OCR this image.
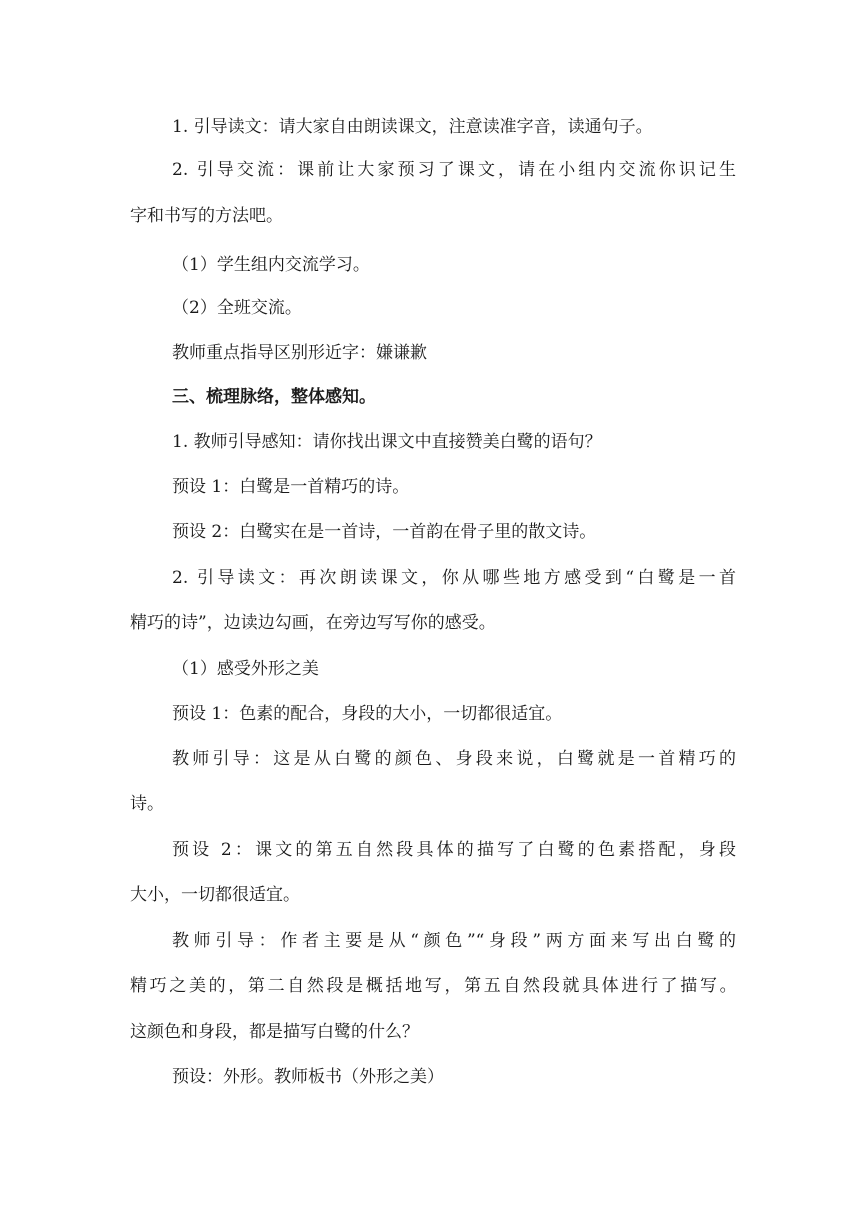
1. 引导读文：请大家自由朗读课文，注意读准字音，读通句子。
2. 引导交流：课前让大家预习了课文，请在小组内交流你识记生
字和书写的方法吧。
（1）学生组内交流学习。
（2）全班交流。
教师重点指导区别形近字：嫌谦歉
三、梳理脉络，整体感知。
1. 教师引导感知：请你找出课文中直接赞美白鹭的语句？
预设 1：白鹭是一首精巧的诗。
预设 2：白鹭实在是一首诗，一首韵在骨子里的散文诗。
2. 引导读文：再次朗读课文，你从哪些地方感受到“白鹭是一首
精巧的诗”，边读边勾画，在旁边写写你的感受。
（1）感受外形之美
预设 1：色素的配合，身段的大小，一切都很适宜。
教师引导：这是从白鹭的颜色、身段来说，白鹭就是一首精巧的
诗。
预设 2：课文的第五自然段具体的描写了白鹭的色素搭配，身段
大小，一切都很适宜。
教师引导：作者主要是从“颜色”“身段”两方面来写出白鹭的
精巧之美的，第二自然段是概括地写，第五自然段就具体进行了描写。
这颜色和身段，都是描写白鹭的什么？
预设：外形。教师板书（外形之美）
